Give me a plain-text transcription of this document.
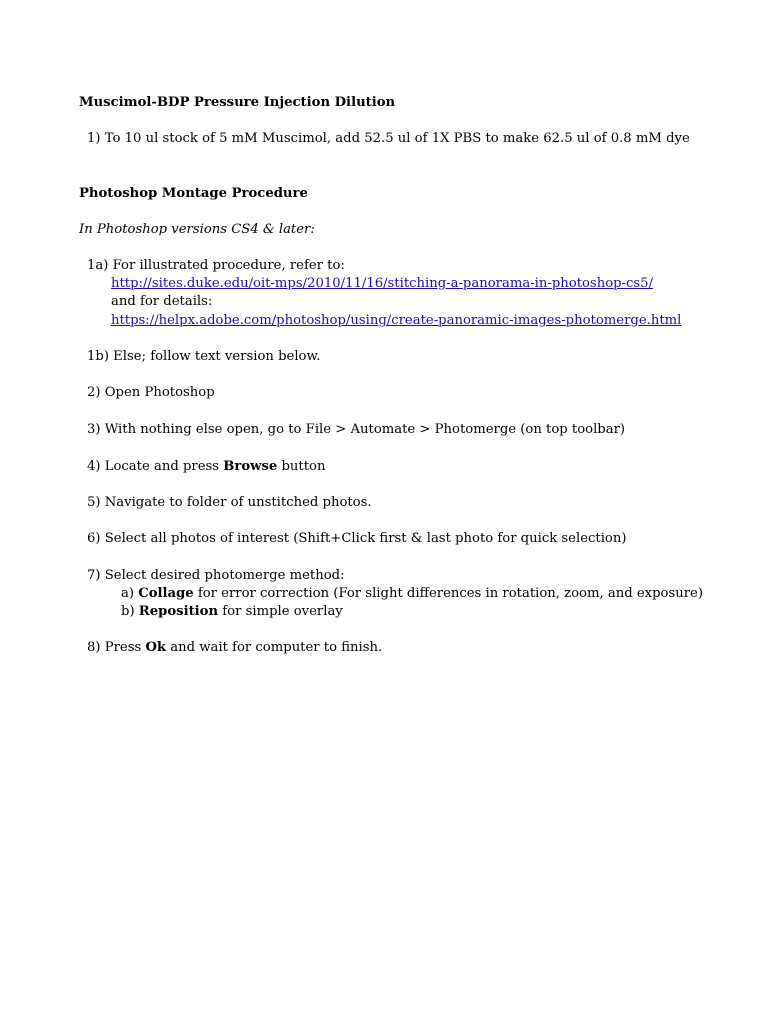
Muscimol-BDP Pressure Injection Dilution

1) To 10 ul stock of 5 mM Muscimol, add 52.5 ul of 1X PBS to make 62.5 ul of 0.8 mM dye

Photoshop Montage Procedure

In Photoshop versions CS4 & later:

1a) For illustrated procedure, refer to:

http://sites.duke.edu/oit-mps/2010/11/16/stitching-a-panorama-in-photoshop-cs5/

and for details:

https://helpx.adobe.com/photoshop/using/create-panoramic-images-photomerge.html

1b) Else; follow text version below.

2) Open Photoshop

3) With nothing else open, go to File > Automate > Photomerge (on top toolbar)

4) Locate and press Browse button

5) Navigate to folder of unstitched photos.

6) Select all photos of interest (Shift+Click first & last photo for quick selection)

7) Select desired photomerge method:

a) Collage for error correction (For slight differences in rotation, zoom, and exposure)

b) Reposition for simple overlay

8) Press Ok and wait for computer to finish.
